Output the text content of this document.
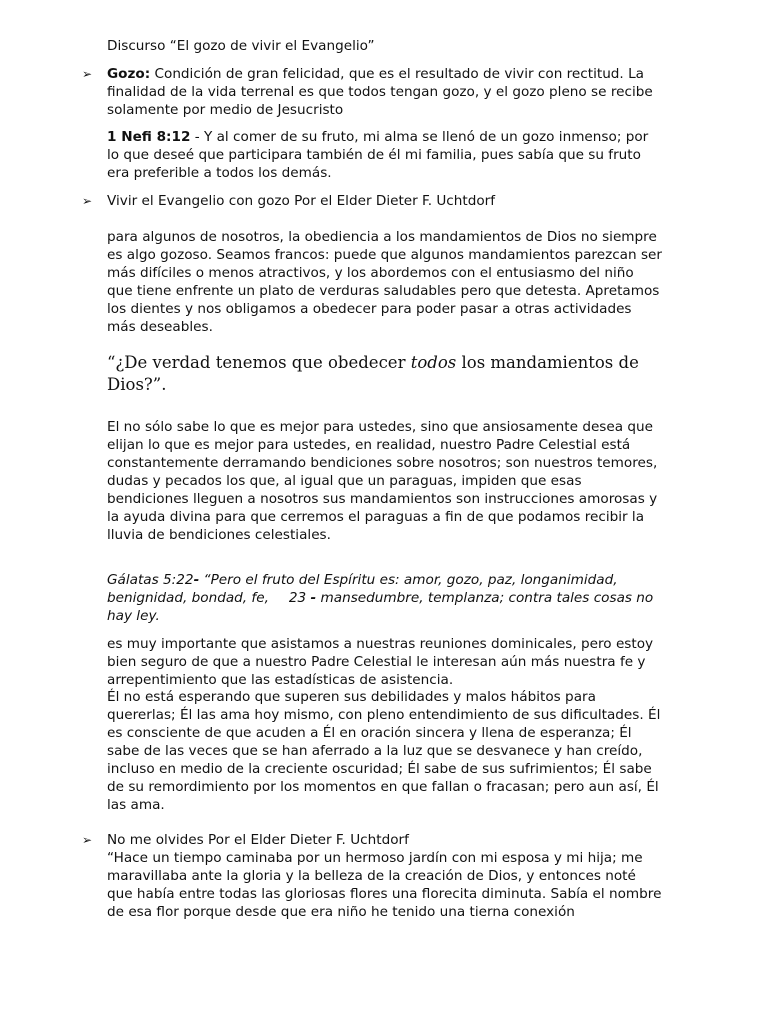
Discurso “El gozo de vivir el Evangelio”

➢ Gozo: Condición de gran felicidad, que es el resultado de vivir con rectitud. La finalidad de la vida terrenal es que todos tengan gozo, y el gozo pleno se recibe solamente por medio de Jesucristo

1 Nefi 8:12 - Y al comer de su fruto, mi alma se llenó de un gozo inmenso; por lo que deseé que participara también de él mi familia, pues sabía que su fruto era preferible a todos los demás.

➢ Vivir el Evangelio con gozo Por el Elder Dieter F. Uchtdorf

para algunos de nosotros, la obediencia a los mandamientos de Dios no siempre es algo gozoso. Seamos francos: puede que algunos mandamientos parezcan ser más difíciles o menos atractivos, y los abordemos con el entusiasmo del niño que tiene enfrente un plato de verduras saludables pero que detesta. Apretamos los dientes y nos obligamos a obedecer para poder pasar a otras actividades más deseables.

“¿De verdad tenemos que obedecer todos los mandamientos de Dios?”.

El no sólo sabe lo que es mejor para ustedes, sino que ansiosamente desea que elijan lo que es mejor para ustedes, en realidad, nuestro Padre Celestial está constantemente derramando bendiciones sobre nosotros; son nuestros temores, dudas y pecados los que, al igual que un paraguas, impiden que esas bendiciones lleguen a nosotros sus mandamientos son instrucciones amorosas y la ayuda divina para que cerremos el paraguas a fin de que podamos recibir la lluvia de bendiciones celestiales.

Gálatas 5:22- “Pero el fruto del Espíritu es: amor, gozo, paz, longanimidad, benignidad, bondad, fe, 23 - mansedumbre, templanza; contra tales cosas no hay ley.

es muy importante que asistamos a nuestras reuniones dominicales, pero estoy bien seguro de que a nuestro Padre Celestial le interesan aún más nuestra fe y arrepentimiento que las estadísticas de asistencia.

Él no está esperando que superen sus debilidades y malos hábitos para quererlas; Él las ama hoy mismo, con pleno entendimiento de sus dificultades. Él es consciente de que acuden a Él en oración sincera y llena de esperanza; Él sabe de las veces que se han aferrado a la luz que se desvanece y han creído, incluso en medio de la creciente oscuridad; Él sabe de sus sufrimientos; Él sabe de su remordimiento por los momentos en que fallan o fracasan; pero aun así, Él las ama.

➢ No me olvides Por el Elder Dieter F. Uchtdorf

“Hace un tiempo caminaba por un hermoso jardín con mi esposa y mi hija; me maravillaba ante la gloria y la belleza de la creación de Dios, y entonces noté que había entre todas las gloriosas flores una florecita diminuta. Sabía el nombre de esa flor porque desde que era niño he tenido una tierna conexión
